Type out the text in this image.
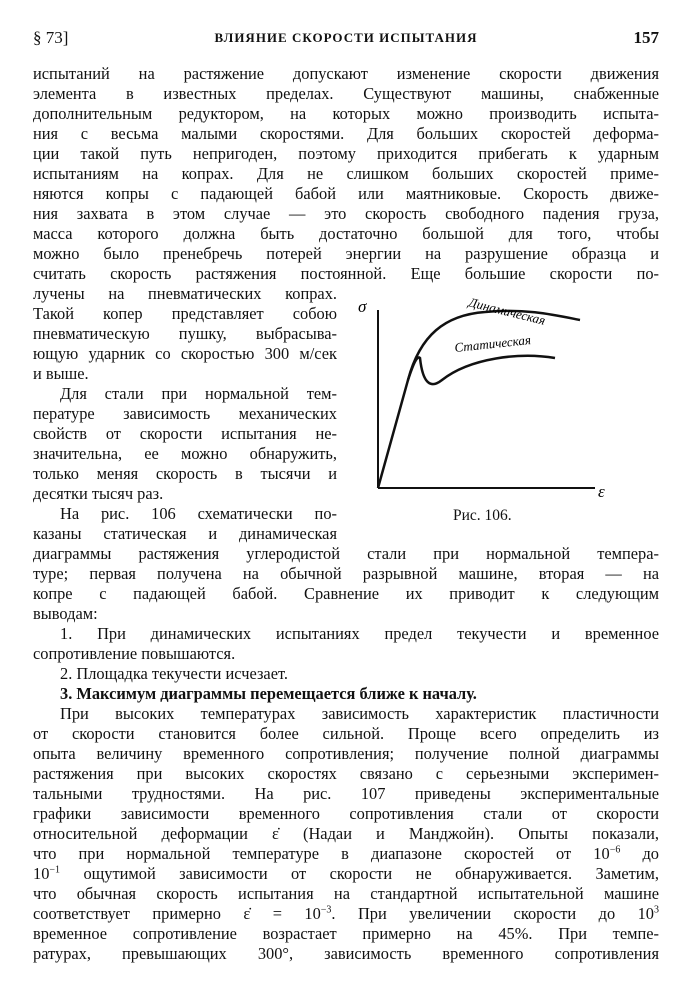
§ 73]	ВЛИЯНИЕ СКОРОСТИ ИСПЫТАНИЯ	157
испытаний на растяжение допускают изменение скорости движения
элемента в известных пределах. Существуют машины, снабженные
дополнительным редуктором, на которых можно производить испыта-
ния с весьма малыми скоростями. Для больших скоростей деформа-
ции такой путь непригоден, поэтому приходится прибегать к ударным
испытаниям на копрах. Для не слишком больших скоростей приме-
няются копры с падающей бабой или маятниковые. Скорость движе-
ния захвата в этом случае — это скорость свободного падения груза,
масса которого должна быть достаточно большой для того, чтобы
можно было пренебречь потерей энергии на разрушение образца и
считать скорость растяжения постоянной. Еще большие скорости по-
лучены на пневматических копрах.
Такой копер представляет собою
пневматическую пушку, выбрасыва-
ющую ударник со скоростью 300 м/сек
и выше.
Для стали при нормальной тем-
пературе зависимость механических
свойств от скорости испытания не-
значительна, ее можно обнаружить,
только меняя скорость в тысячи и
десятки тысяч раз.
На рис. 106 схематически по-
казаны статическая и динамическая
диаграммы растяжения углеродистой стали при нормальной темпера-
туре; первая получена на обычной разрывной машине, вторая — на
копре с падающей бабой. Сравнение их приводит к следующим
выводам:
1. При динамических испытаниях предел текучести и временное
сопротивление повышаются.
2. Площадка текучести исчезает.
3. Максимум диаграммы перемещается ближе к началу.
При высоких температурах зависимость характеристик пластичности
от скорости становится более сильной. Проще всего определить из
опыта величину временного сопротивления; получение полной диаграммы
растяжения при высоких скоростях связано с серьезными эксперимен-
тальными трудностями. На рис. 107 приведены экспериментальные
графики зависимости временного сопротивления стали от скорости
относительной деформации ε̇ (Надаи и Манджойн). Опыты показали,
что при нормальной температуре в диапазоне скоростей от $10^{-6}$ до
$10^{-1}$ ощутимой зависимости от скорости не обнаруживается. Заметим,
что обычная скорость испытания на стандартной испытательной машине
соответствует примерно ε̇ = $10^{-3}$. При увеличении скорости до $10^3$
временное сопротивление возрастает примерно на 45%. При темпе-
ратурах, превышающих 300°, зависимость временного сопротивления
σ
ε
Динамическая
Статическая
Рис. 106.
